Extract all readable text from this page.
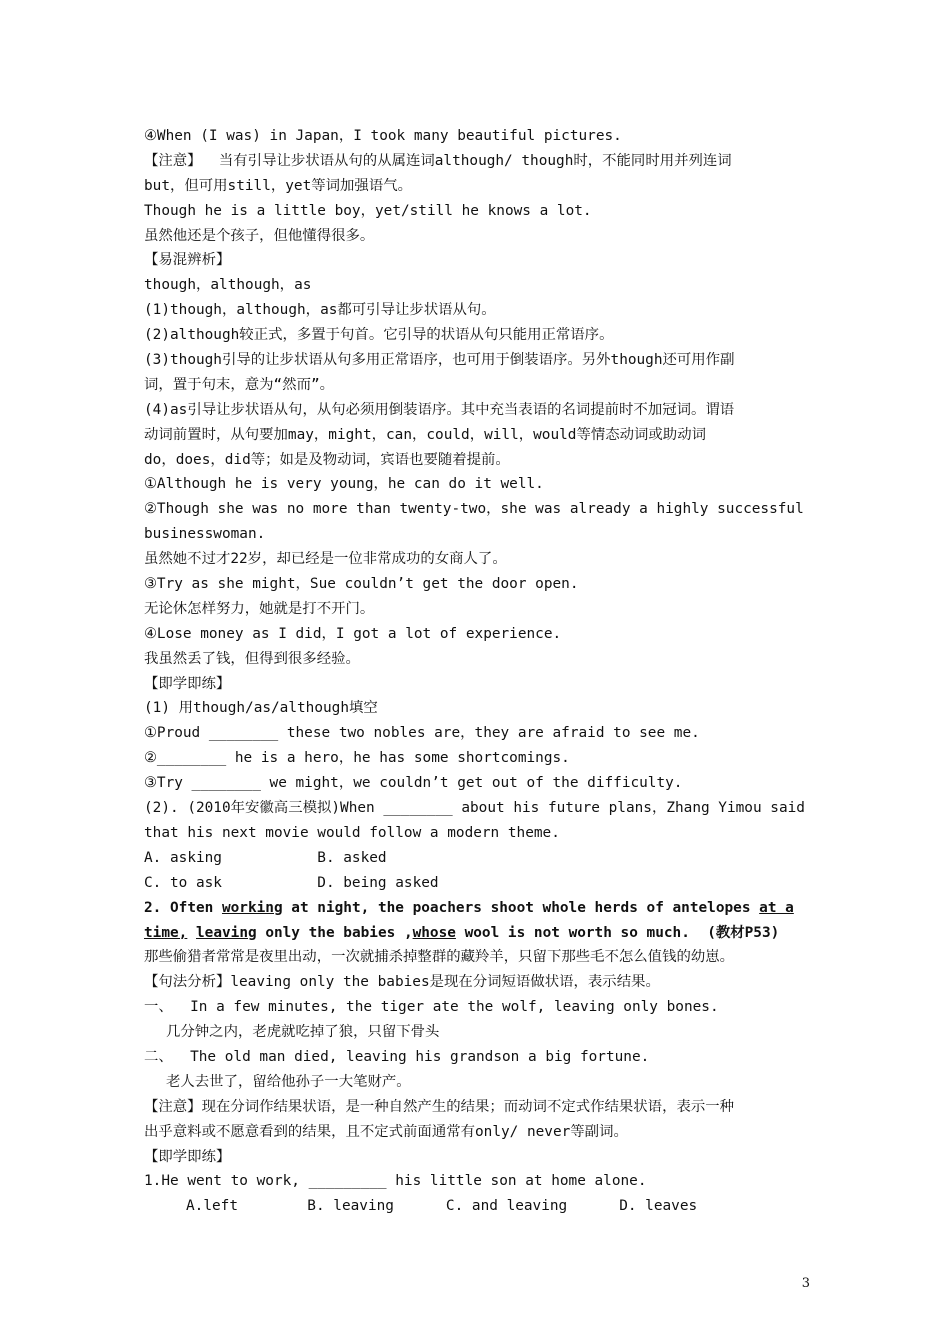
④When (I was) in Japan，I took many beautiful pictures.
【注意】  当有引导让步状语从句的从属连词although/ though时，不能同时用并列连词
but，但可用still，yet等词加强语气。
Though he is a little boy，yet/still he knows a lot.
虽然他还是个孩子，但他懂得很多。
【易混辨析】
though，although，as
(1)though，although，as都可引导让步状语从句。
(2)although较正式，多置于句首。它引导的状语从句只能用正常语序。
(3)though引导的让步状语从句多用正常语序，也可用于倒装语序。另外though还可用作副
词，置于句末，意为“然而”。
(4)as引导让步状语从句，从句必须用倒装语序。其中充当表语的名词提前时不加冠词。谓语
动词前置时，从句要加may，might，can，could，will，would等情态动词或助动词
do，does，did等；如是及物动词，宾语也要随着提前。
①Although he is very young，he can do it well.
②Though she was no more than twenty-two，she was already a highly successful
businesswoman.
虽然她不过才22岁，却已经是一位非常成功的女商人了。
③Try as she might，Sue couldn’t get the door open.
无论休怎样努力，她就是打不开门。
④Lose money as I did，I got a lot of experience.
我虽然丢了钱，但得到很多经验。
【即学即练】
(1) 用though/as/although填空
①Proud ________ these two nobles are，they are afraid to see me.
②________ he is a hero，he has some shortcomings.
③Try ________ we might，we couldn’t get out of the difficulty.
(2). (2010年安徽高三模拟)When ________ about his future plans，Zhang Yimou said
that his next movie would follow a modern theme.
A. asking           B. asked
C. to ask           D. being asked
2. Often working at night, the poachers shoot whole herds of antelopes at a
time, leaving only the babies ,whose wool is not worth so much.  (教材P53)
那些偷猎者常常是夜里出动，一次就捕杀掉整群的藏羚羊，只留下那些毛不怎么值钱的幼崽。
【句法分析】leaving only the babies是现在分词短语做状语，表示结果。
一、  In a few minutes, the tiger ate the wolf, leaving only bones.
几分钟之内，老虎就吃掉了狼，只留下骨头
二、  The old man died, leaving his grandson a big fortune.
老人去世了，留给他孙子一大笔财产。
【注意】现在分词作结果状语，是一种自然产生的结果；而动词不定式作结果状语，表示一种
出乎意料或不愿意看到的结果，且不定式前面通常有only/ never等副词。
【即学即练】
1.He went to work, _________ his little son at home alone.
A.left        B. leaving      C. and leaving      D. leaves
3
